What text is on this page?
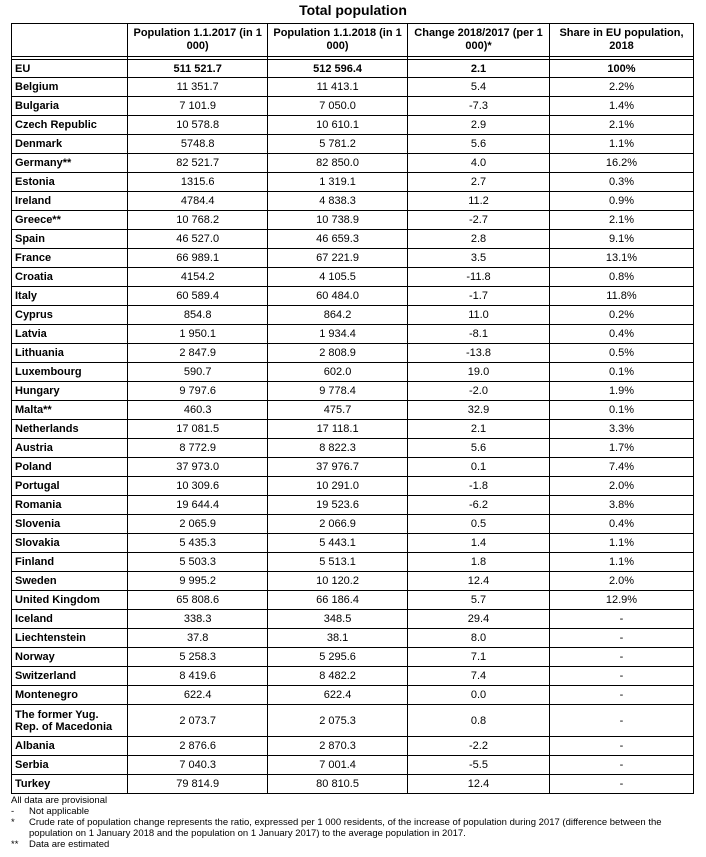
Total population
	Population 1.1.2017 (in 1 000)	Population 1.1.2018 (in 1 000)	Change 2018/2017 (per 1 000)*	Share in EU population, 2018

EU	511 521.7	512 596.4	2.1	100%
Belgium	11 351.7	11 413.1	5.4	2.2%
Bulgaria	7 101.9	7 050.0	-7.3	1.4%
Czech Republic	10 578.8	10 610.1	2.9	2.1%
Denmark	5748.8	5 781.2	5.6	1.1%
Germany**	82 521.7	82 850.0	4.0	16.2%
Estonia	1315.6	1 319.1	2.7	0.3%
Ireland	4784.4	4 838.3	11.2	0.9%
Greece**	10 768.2	10 738.9	-2.7	2.1%
Spain	46 527.0	46 659.3	2.8	9.1%
France	66 989.1	67 221.9	3.5	13.1%
Croatia	4154.2	4 105.5	-11.8	0.8%
Italy	60 589.4	60 484.0	-1.7	11.8%
Cyprus	854.8	864.2	11.0	0.2%
Latvia	1 950.1	1 934.4	-8.1	0.4%
Lithuania	2 847.9	2 808.9	-13.8	0.5%
Luxembourg	590.7	602.0	19.0	0.1%
Hungary	9 797.6	9 778.4	-2.0	1.9%
Malta**	460.3	475.7	32.9	0.1%
Netherlands	17 081.5	17 118.1	2.1	3.3%
Austria	8 772.9	8 822.3	5.6	1.7%
Poland	37 973.0	37 976.7	0.1	7.4%
Portugal	10 309.6	10 291.0	-1.8	2.0%
Romania	19 644.4	19 523.6	-6.2	3.8%
Slovenia	2 065.9	2 066.9	0.5	0.4%
Slovakia	5 435.3	5 443.1	1.4	1.1%
Finland	5 503.3	5 513.1	1.8	1.1%
Sweden	9 995.2	10 120.2	12.4	2.0%
United Kingdom	65 808.6	66 186.4	5.7	12.9%
Iceland	338.3	348.5	29.4	-
Liechtenstein	37.8	38.1	8.0	-
Norway	5 258.3	5 295.6	7.1	-
Switzerland	8 419.6	8 482.2	7.4	-
Montenegro	622.4	622.4	0.0	-
The former Yug. Rep. of Macedonia	2 073.7	2 075.3	0.8	-
Albania	2 876.6	2 870.3	-2.2	-
Serbia	7 040.3	7 001.4	-5.5	-
Turkey	79 814.9	80 810.5	12.4	-
All data are provisional
-	Not applicable
*	Crude rate of population change represents the ratio, expressed per 1 000 residents, of the increase of population during 2017 (difference between the population on 1 January 2018 and the population on 1 January 2017) to the average population in 2017.
**	Data are estimated
